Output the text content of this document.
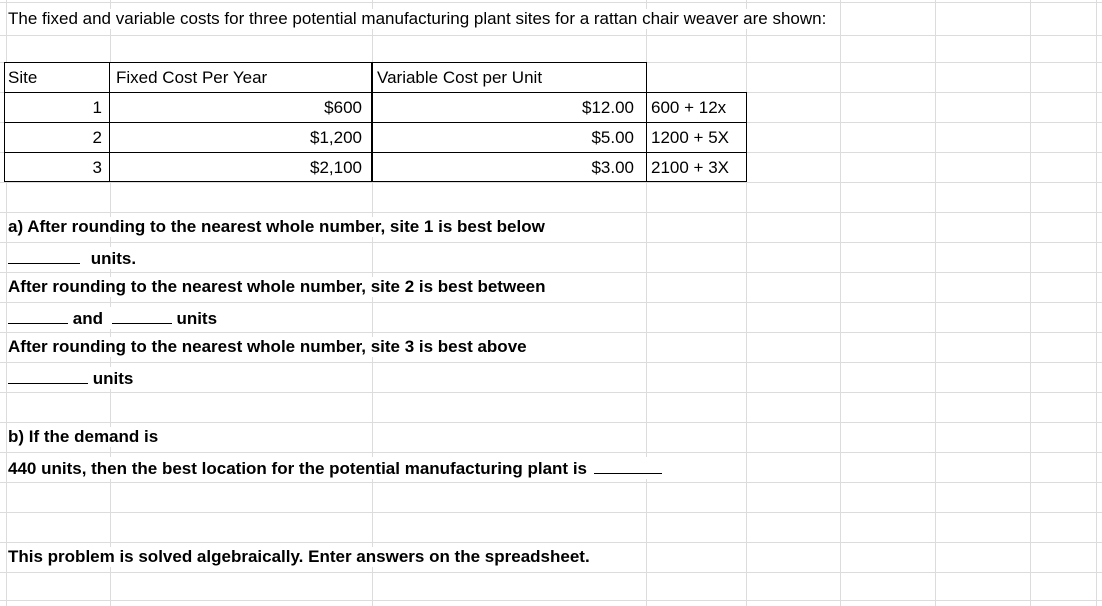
The fixed and variable costs for three potential manufacturing plant sites for a rattan chair weaver are shown:
Site	Fixed Cost Per Year	Variable Cost per Unit
1	$600	$12.00 600 + 12x
2	$1,200	$5.00 1200 + 5X
3	$2,100	$3.00 2100 + 3X
a) After rounding to the nearest whole number, site 1 is best below
units.
After rounding to the nearest whole number, site 2 is best between
and	units
After rounding to the nearest whole number, site 3 is best above
units
b) If the demand is
440 units, then the best location for the potential manufacturing plant is
This problem is solved algebraically. Enter answers on the spreadsheet.
